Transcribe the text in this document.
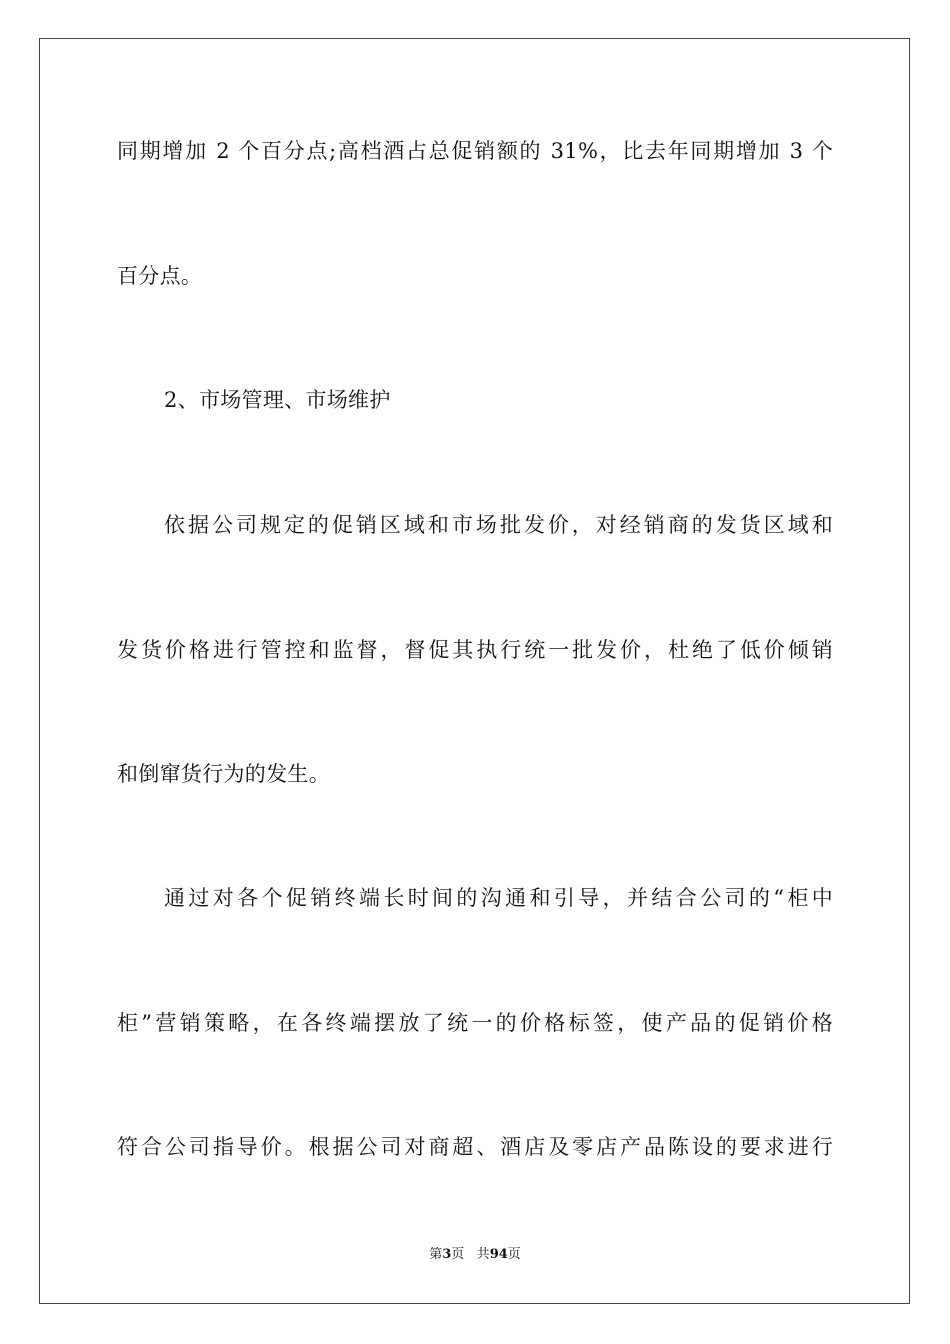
同期增加 2 个百分点;高档酒占总促销额的 31%，比去年同期增加 3 个
百分点。
2、市场管理、市场维护
依据公司规定的促销区域和市场批发价，对经销商的发货区域和
发货价格进行管控和监督，督促其执行统一批发价，杜绝了低价倾销
和倒窜货行为的发生。
通过对各个促销终端长时间的沟通和引导，并结合公司的“柜中
柜”营销策略，在各终端摆放了统一的价格标签，使产品的促销价格
符合公司指导价。根据公司对商超、酒店及零店产品陈设的要求进行
第3页 共94页
